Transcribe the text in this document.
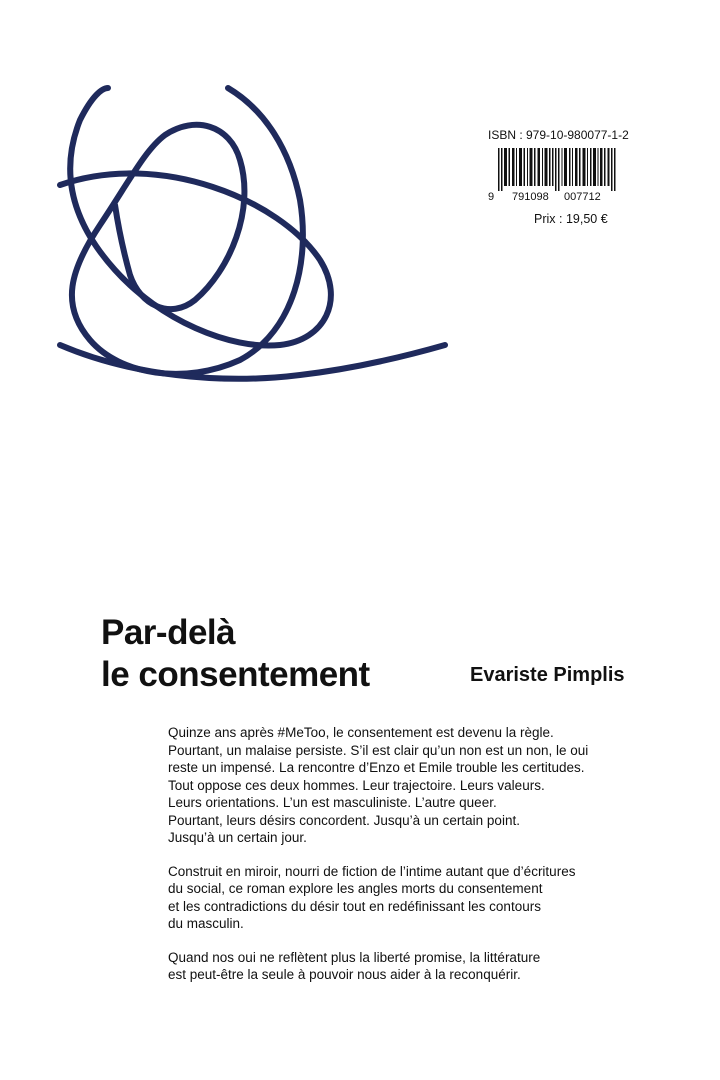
ISBN : 979-10-980077-1-2
9 791098 007712
Prix : 19,50 €
Par-delà
le consentement	Evariste Pimplis

Quinze ans après #MeToo, le consentement est devenu la règle.
Pourtant, un malaise persiste. S’il est clair qu’un non est un non, le oui
reste un impensé. La rencontre d’Enzo et Emile trouble les certitudes.
Tout oppose ces deux hommes. Leur trajectoire. Leurs valeurs.
Leurs orientations. L’un est masculiniste. L’autre queer.
Pourtant, leurs désirs concordent. Jusqu’à un certain point.
Jusqu’à un certain jour.

Construit en miroir, nourri de fiction de l’intime autant que d’écritures
du social, ce roman explore les angles morts du consentement
et les contradictions du désir tout en redéfinissant les contours
du masculin.

Quand nos oui ne reflètent plus la liberté promise, la littérature
est peut-être la seule à pouvoir nous aider à la reconquérir.
